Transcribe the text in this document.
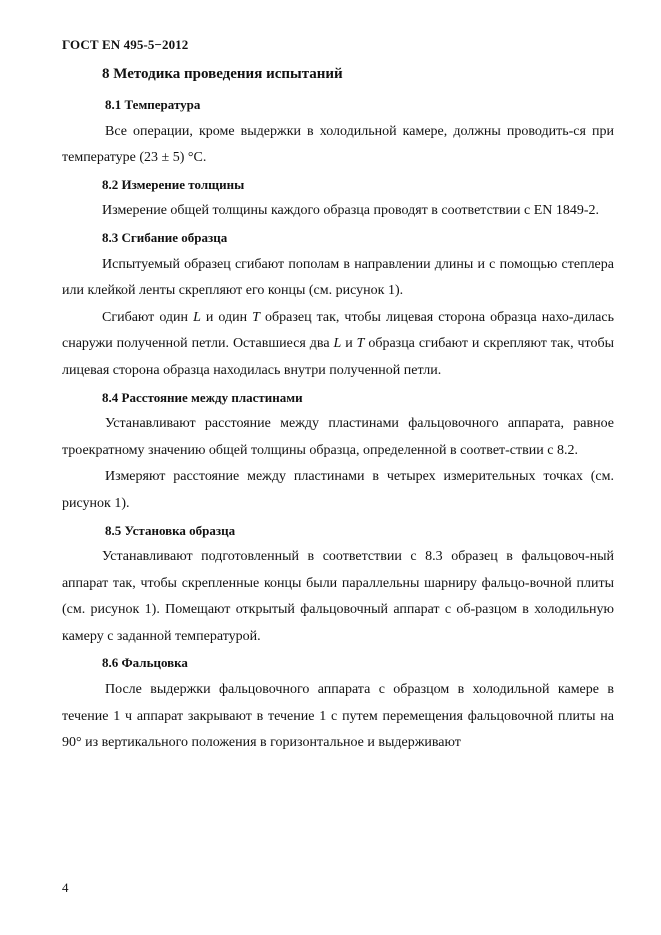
ГОСТ EN 495-5−2012
8 Методика проведения испытаний
8.1 Температура

Все операции, кроме выдержки в холодильной камере, должны проводить-ся при температуре (23 ± 5) °С.

8.2 Измерение толщины

Измерение общей толщины каждого образца проводят в соответствии с EN 1849-2.

8.3 Сгибание образца

Испытуемый образец сгибают пополам в направлении длины и с помощью степлера или клейкой ленты скрепляют его концы (см. рисунок 1).

Сгибают один L и один T образец так, чтобы лицевая сторона образца нахо-дилась снаружи полученной петли. Оставшиеся два L и T образца сгибают и скрепляют так, чтобы лицевая сторона образца находилась внутри полученной петли.

8.4 Расстояние между пластинами

Устанавливают расстояние между пластинами фальцовочного аппарата, равное троекратному значению общей толщины образца, определенной в соответ-ствии с 8.2.

Измеряют расстояние между пластинами в четырех измерительных точках (см. рисунок 1).

8.5 Установка образца

Устанавливают подготовленный в соответствии с 8.3 образец в фальцовоч-ный аппарат так, чтобы скрепленные концы были параллельны шарниру фальцо-вочной плиты (см. рисунок 1). Помещают открытый фальцовочный аппарат с об-разцом в холодильную камеру с заданной температурой.

8.6 Фальцовка

После выдержки фальцовочного аппарата с образцом в холодильной камере в течение 1 ч аппарат закрывают в течение 1 с путем перемещения фальцовочной плиты на 90° из вертикального положения в горизонтальное и выдерживают

4
